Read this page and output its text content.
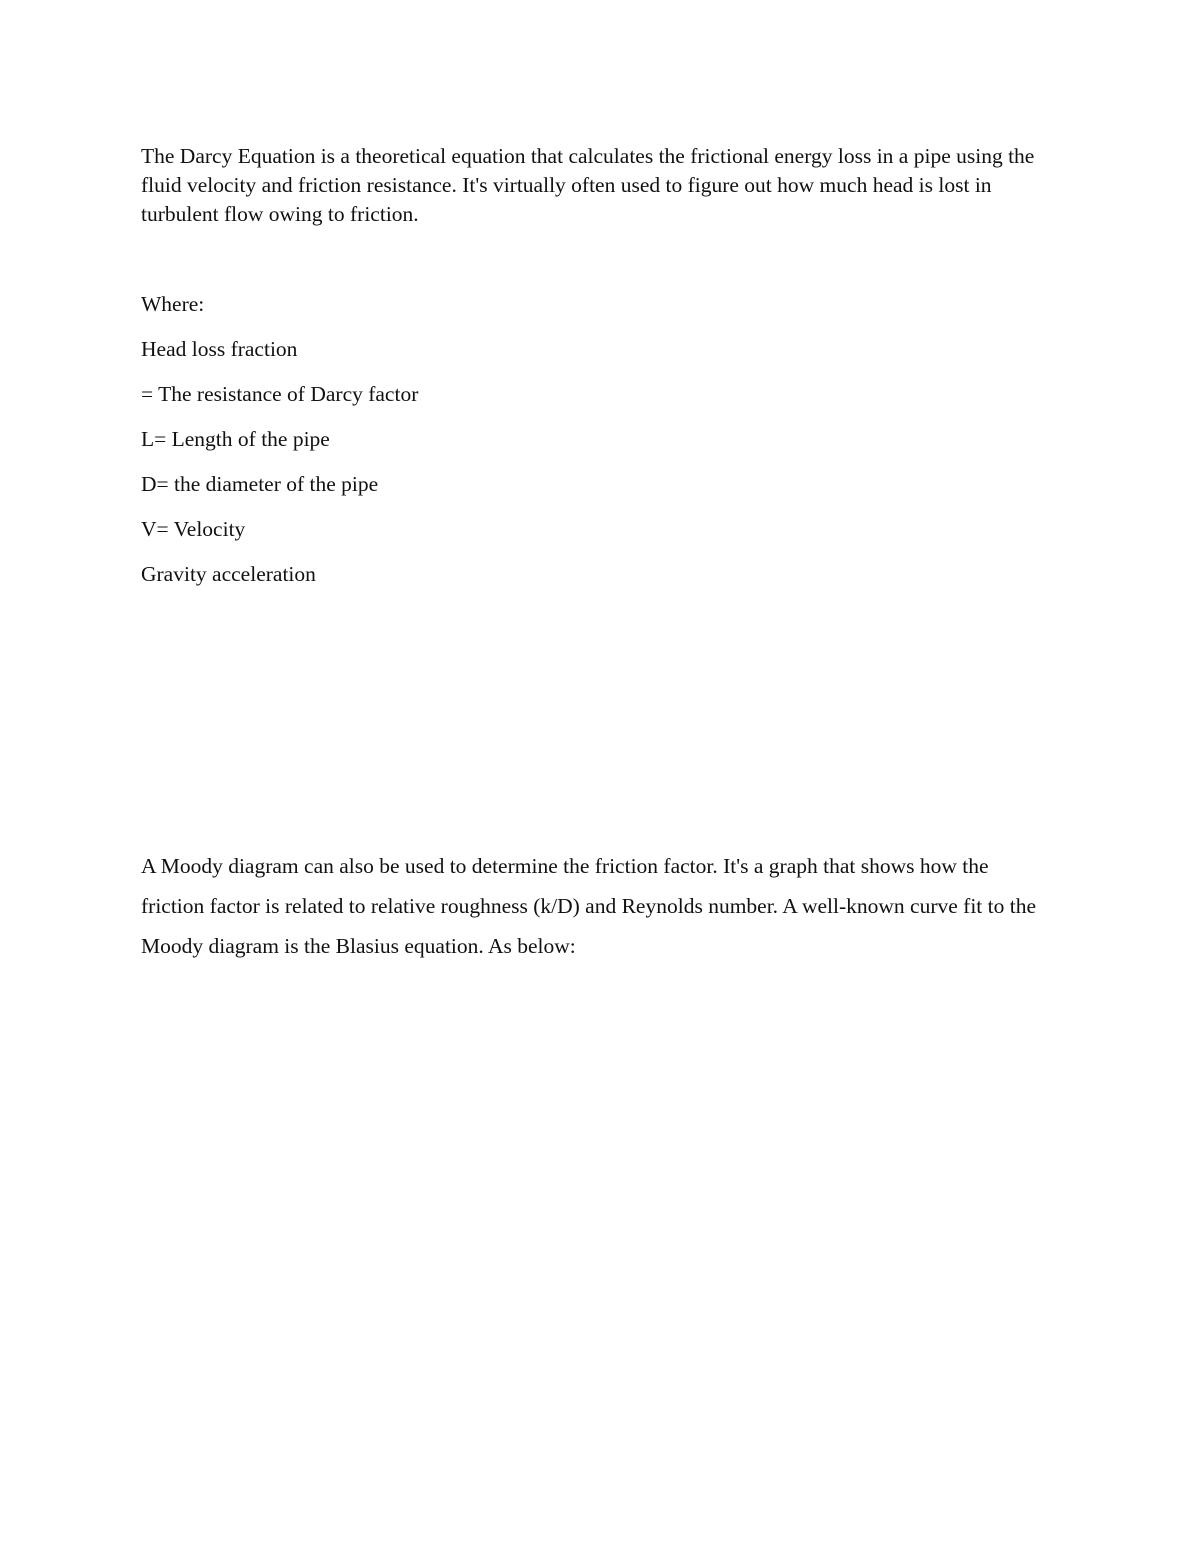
The Darcy Equation is a theoretical equation that calculates the frictional energy loss in a pipe using the fluid velocity and friction resistance. It's virtually often used to figure out how much head is lost in turbulent flow owing to friction.

Where:
Head loss fraction
= The resistance of Darcy factor
L= Length of the pipe
D= the diameter of the pipe
V= Velocity
Gravity acceleration

A Moody diagram can also be used to determine the friction factor. It's a graph that shows how the friction factor is related to relative roughness (k/D) and Reynolds number. A well-known curve fit to the Moody diagram is the Blasius equation. As below:
